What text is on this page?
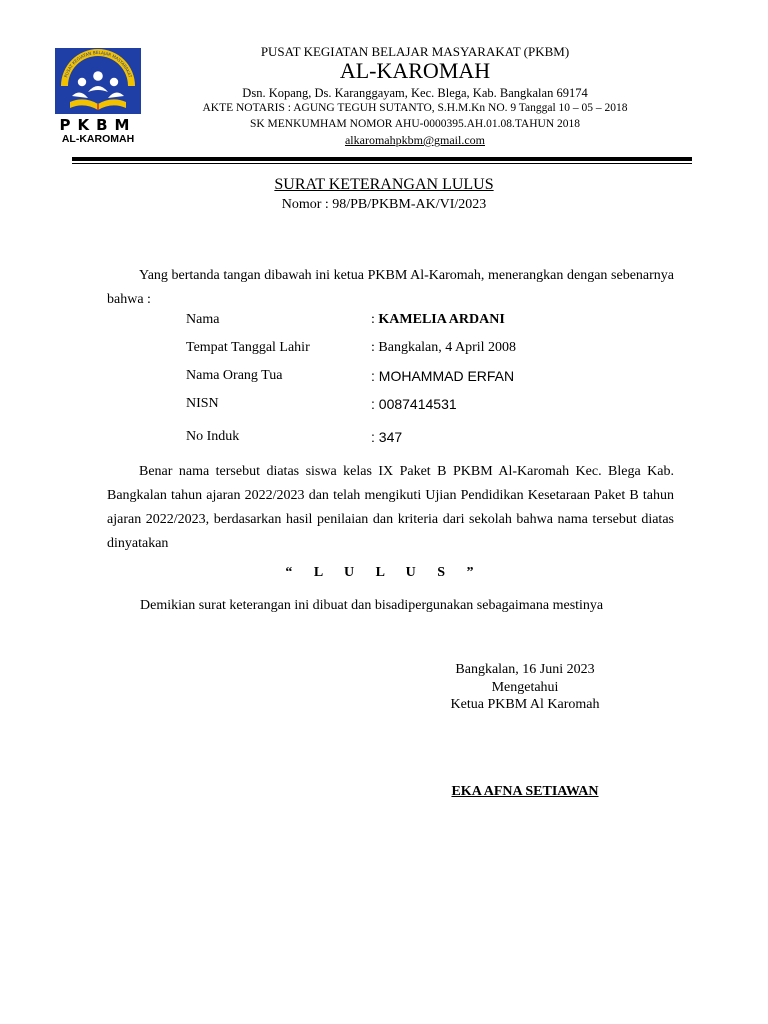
PUSAT KEGIATAN BELAJAR MASYARAKAT
PKBM
AL-KAROMAH
PUSAT KEGIATAN BELAJAR MASYARAKAT (PKBM)
AL-KAROMAH
Dsn. Kopang, Ds. Karanggayam, Kec. Blega, Kab. Bangkalan 69174
AKTE NOTARIS : AGUNG TEGUH SUTANTO, S.H.M.Kn NO. 9 Tanggal 10 – 05 – 2018
SK MENKUMHAM NOMOR AHU-0000395.AH.01.08.TAHUN 2018
alkaromahpkbm@gmail.com
SURAT KETERANGAN LULUS
Nomor : 98/PB/PKBM-AK/VI/2023
Yang bertanda tangan dibawah ini ketua PKBM Al-Karomah, menerangkan dengan sebenarnya bahwa :
Nama	: KAMELIA ARDANI
Tempat Tanggal Lahir	: Bangkalan, 4 April 2008
Nama Orang Tua	: MOHAMMAD ERFAN
NISN	: 0087414531
No Induk	: 347
Benar nama tersebut diatas siswa kelas IX Paket B PKBM Al-Karomah Kec. Blega Kab. Bangkalan tahun ajaran 2022/2023 dan telah mengikuti Ujian Pendidikan Kesetaraan Paket B tahun ajaran 2022/2023, berdasarkan hasil penilaian dan kriteria dari sekolah bahwa nama tersebut diatas dinyatakan
“ L U L U S ”
Demikian surat keterangan ini dibuat dan bisadipergunakan sebagaimana mestinya
Bangkalan, 16 Juni 2023
Mengetahui
Ketua PKBM Al Karomah
EKA AFNA SETIAWAN
